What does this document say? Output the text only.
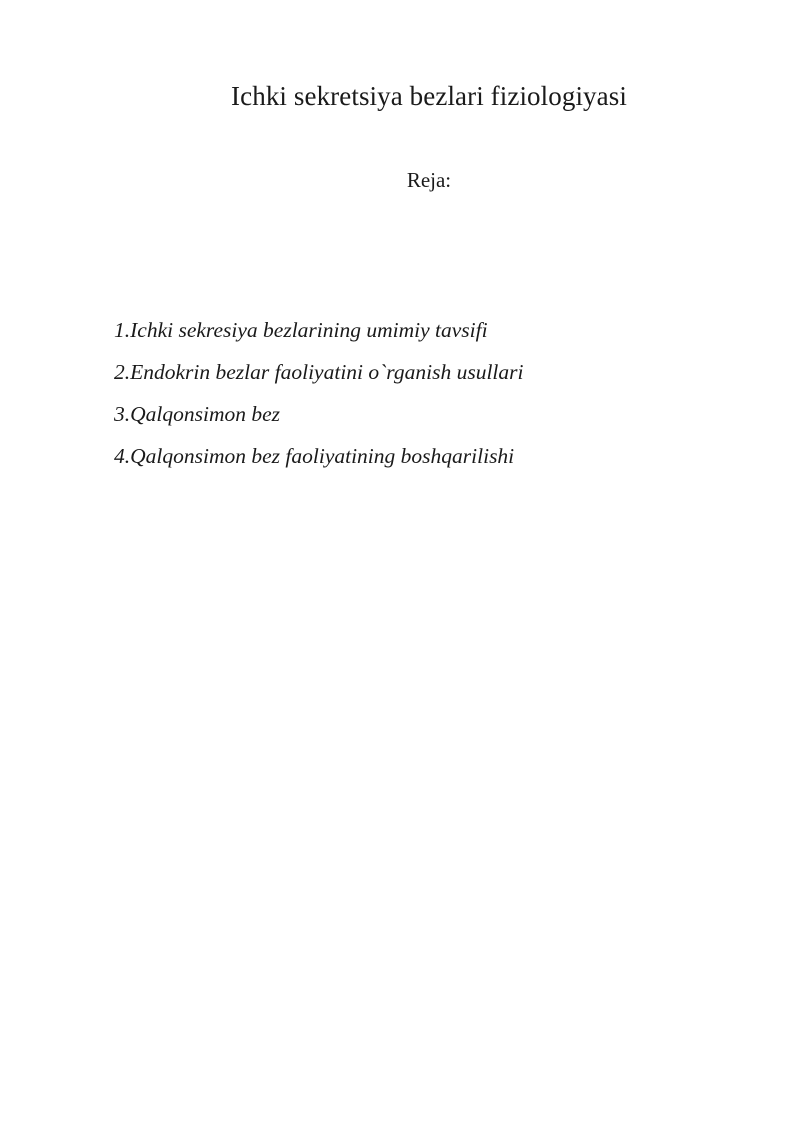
Ichki sekretsiya bezlari fiziologiyasi

Reja:

1.Ichki sekresiya bezlarining umimiy tavsifi
2.Endokrin bezlar faoliyatini o`rganish usullari
3.Qalqonsimon bez
4.Qalqonsimon bez faoliyatining boshqarilishi
